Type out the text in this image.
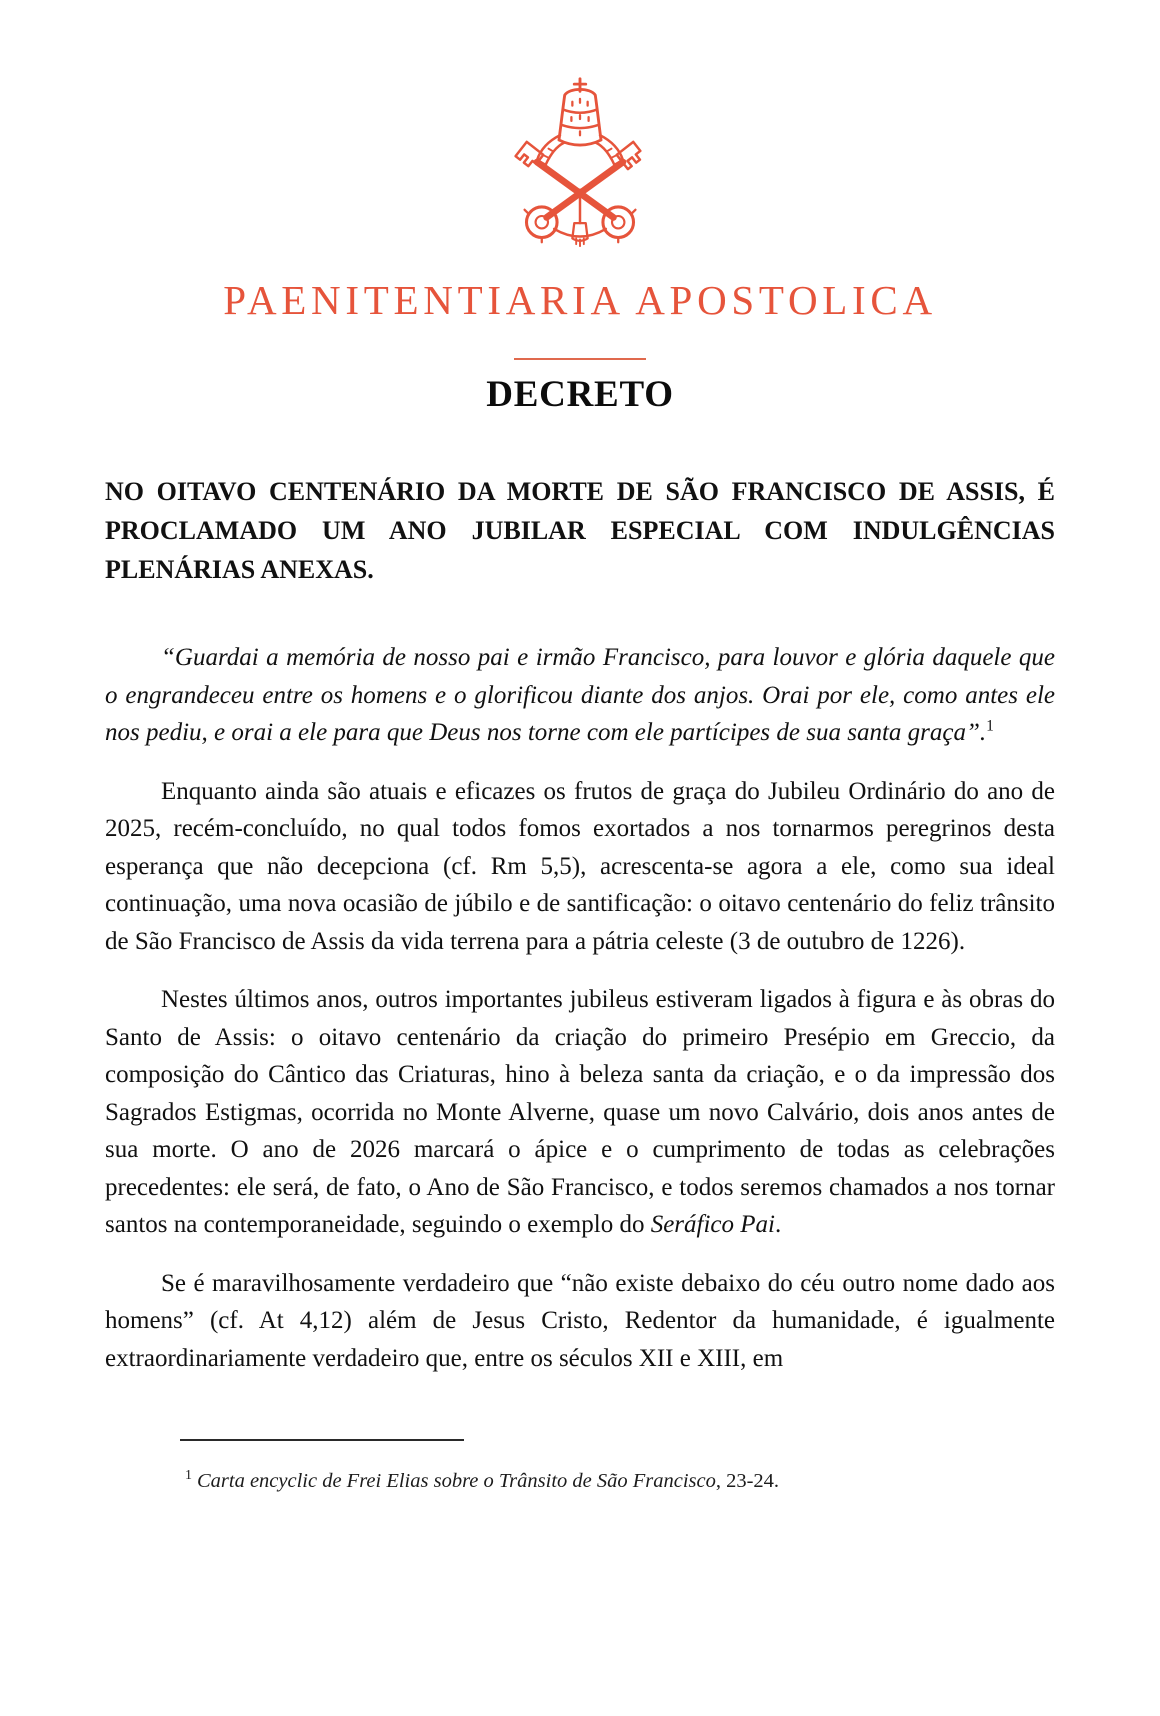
PAENITENTIARIA APOSTOLICA
DECRETO
NO OITAVO CENTENÁRIO DA MORTE DE SÃO FRANCISCO DE ASSIS, É PROCLAMADO UM ANO JUBILAR ESPECIAL COM INDULGÊNCIAS PLENÁRIAS ANEXAS.

“Guardai a memória de nosso pai e irmão Francisco, para louvor e glória daquele que o engrandeceu entre os homens e o glorificou diante dos anjos. Orai por ele, como antes ele nos pediu, e orai a ele para que Deus nos torne com ele partícipes de sua santa graça”.$^1$

Enquanto ainda são atuais e eficazes os frutos de graça do Jubileu Ordinário do ano de 2025, recém-concluído, no qual todos fomos exortados a nos tornarmos peregrinos desta esperança que não decepciona (cf. Rm 5,5), acrescenta-se agora a ele, como sua ideal continuação, uma nova ocasião de júbilo e de santificação: o oitavo centenário do feliz trânsito de São Francisco de Assis da vida terrena para a pátria celeste (3 de outubro de 1226).

Nestes últimos anos, outros importantes jubileus estiveram ligados à figura e às obras do Santo de Assis: o oitavo centenário da criação do primeiro Presépio em Greccio, da composição do Cântico das Criaturas, hino à beleza santa da criação, e o da impressão dos Sagrados Estigmas, ocorrida no Monte Alverne, quase um novo Calvário, dois anos antes de sua morte. O ano de 2026 marcará o ápice e o cumprimento de todas as celebrações precedentes: ele será, de fato, o Ano de São Francisco, e todos seremos chamados a nos tornar santos na contemporaneidade, seguindo o exemplo do Seráfico Pai.

Se é maravilhosamente verdadeiro que “não existe debaixo do céu outro nome dado aos homens” (cf. At 4,12) além de Jesus Cristo, Redentor da humanidade, é igualmente extraordinariamente verdadeiro que, entre os séculos XII e XIII, em

$^1$ Carta encyclic de Frei Elias sobre o Trânsito de São Francisco, 23-24.
